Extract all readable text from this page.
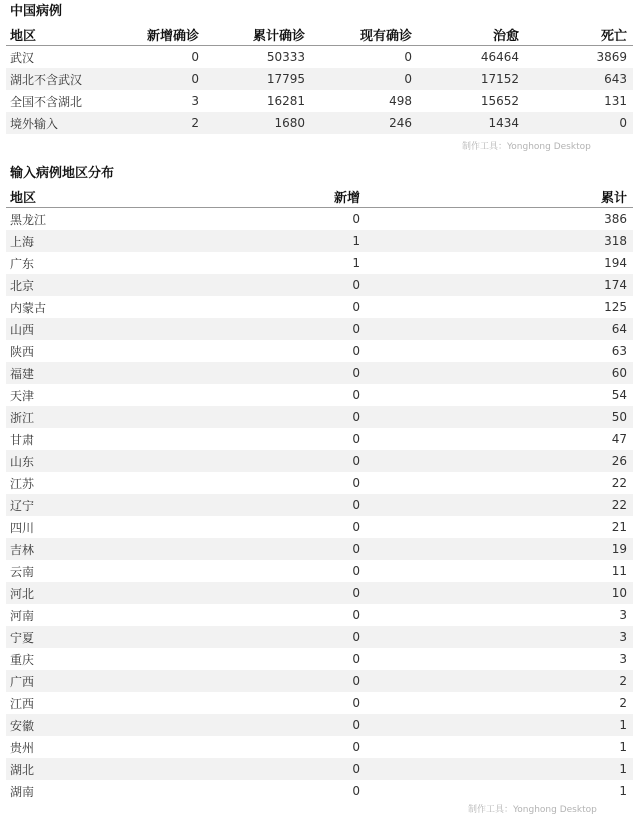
中国病例
地区	新增确诊	累计确诊	现有确诊	治愈	死亡
武汉	0	50333	0	46464	3869
湖北不含武汉	0	17795	0	17152	643
全国不含湖北	3	16281	498	15652	131
境外输入	2	1680	246	1434	0
制作工具：Yonghong Desktop
输入病例地区分布
地区	新增	累计
黑龙江	0	386
上海	1	318
广东	1	194
北京	0	174
内蒙古	0	125
山西	0	64
陕西	0	63
福建	0	60
天津	0	54
浙江	0	50
甘肃	0	47
山东	0	26
江苏	0	22
辽宁	0	22
四川	0	21
吉林	0	19
云南	0	11
河北	0	10
河南	0	3
宁夏	0	3
重庆	0	3
广西	0	2
江西	0	2
安徽	0	1
贵州	0	1
湖北	0	1
湖南	0	1
制作工具：Yonghong Desktop
